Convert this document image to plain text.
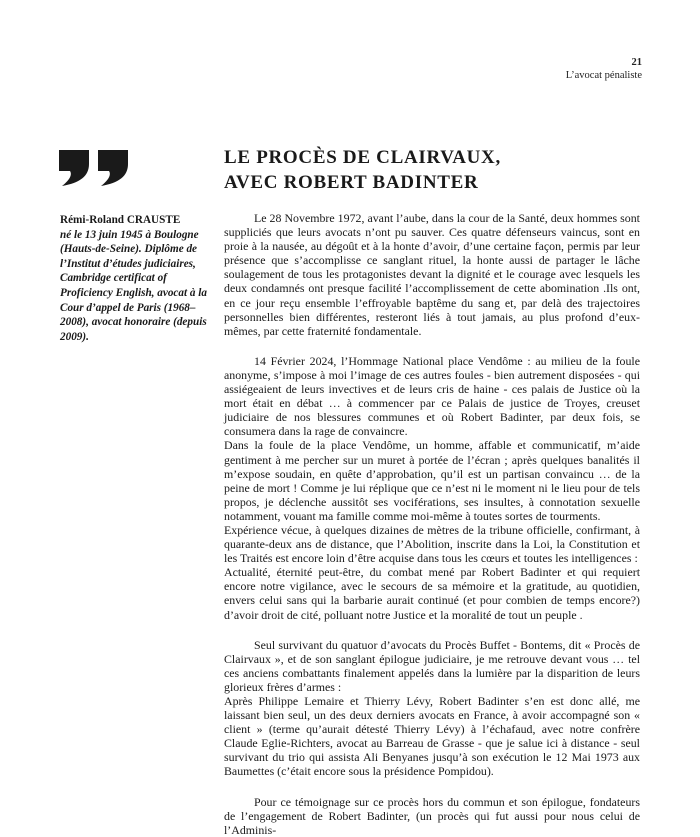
21
L’avocat pénaliste
LE PROCÈS DE CLAIRVAUX,
AVEC ROBERT BADINTER
Rémi-Roland CRAUSTE
né le 13 juin 1945 à Boulogne (Hauts-de-Seine). Diplôme de l’Institut d’études judiciaires, Cambridge certificat of Proficiency English, avocat à la Cour d’appel de Paris (1968– 2008), avocat honoraire (depuis 2009).

Le 28 Novembre 1972, avant l’aube, dans la cour de la Santé, deux hommes sont suppliciés que leurs avocats n’ont pu sauver. Ces quatre défenseurs vaincus, sont en proie à la nausée, au dégoût et à la honte d’avoir, d’une certaine façon, permis par leur présence que s’accomplisse ce sanglant rituel, la honte aussi de partager le lâche soulagement de tous les protagonistes devant la dignité et le courage avec lesquels les deux condamnés ont presque facilité l’accomplissement de cette abomination .Ils ont, en ce jour reçu ensemble l’effroyable baptême du sang et, par delà des trajectoires personnelles bien différentes, resteront liés à tout jamais, au plus profond d’eux-mêmes, par cette fraternité fondamentale.

14 Février 2024, l’Hommage National place Vendôme : au milieu de la foule anonyme, s’impose à moi l’image de ces autres foules - bien autrement disposées - qui assiégeaient de leurs invectives et de leurs cris de haine - ces palais de Justice où la mort était en débat … à commencer par ce Palais de justice de Troyes, creuset judiciaire de nos blessures communes et où Robert Badinter, par deux fois, se consumera dans la rage de convaincre.

Dans la foule de la place Vendôme, un homme, affable et communicatif, m’aide gentiment à me percher sur un muret à portée de l’écran ; après quelques banalités il m’expose soudain, en quête d’approbation, qu’il est un partisan convaincu … de la peine de mort ! Comme je lui réplique que ce n’est ni le moment ni le lieu pour de tels propos, je déclenche aussitôt ses vociférations, ses insultes, à connotation sexuelle notamment, vouant ma famille comme moi-même à toutes sortes de tourments.

Expérience vécue, à quelques dizaines de mètres de la tribune officielle, confirmant, à quarante-deux ans de distance, que l’Abolition, inscrite dans la Loi, la Constitution et les Traités est encore loin d’être acquise dans tous les cœurs et toutes les intelligences :

Actualité, éternité peut-être, du combat mené par Robert Badinter et qui requiert encore notre vigilance, avec le secours de sa mémoire et la gratitude, au quotidien, envers celui sans qui la barbarie aurait continué (et pour combien de temps encore?) d’avoir droit de cité, polluant notre Justice et la moralité de tout un peuple .

Seul survivant du quatuor d’avocats du Procès Buffet - Bontems, dit « Procès de Clairvaux », et de son sanglant épilogue judiciaire, je me retrouve devant vous … tel ces anciens combattants finalement appelés dans la lumière par la disparition de leurs glorieux frères d’armes :

Après Philippe Lemaire et Thierry Lévy, Robert Badinter s’en est donc allé, me laissant bien seul, un des deux derniers avocats en France, à avoir accompagné son « client » (terme qu’aurait détesté Thierry Lévy) à l’échafaud, avec notre confrère Claude Eglie-Richters, avocat au Barreau de Grasse - que je salue ici à distance - seul survivant du trio qui assista Ali Benyanes jusqu’à son exécution le 12 Mai 1973 aux Baumettes (c’était encore sous la présidence Pompidou).

Pour ce témoignage sur ce procès hors du commun et son épilogue, fondateurs de l’engagement de Robert Badinter, (un procès qui fut aussi pour nous celui de l’Adminis-
